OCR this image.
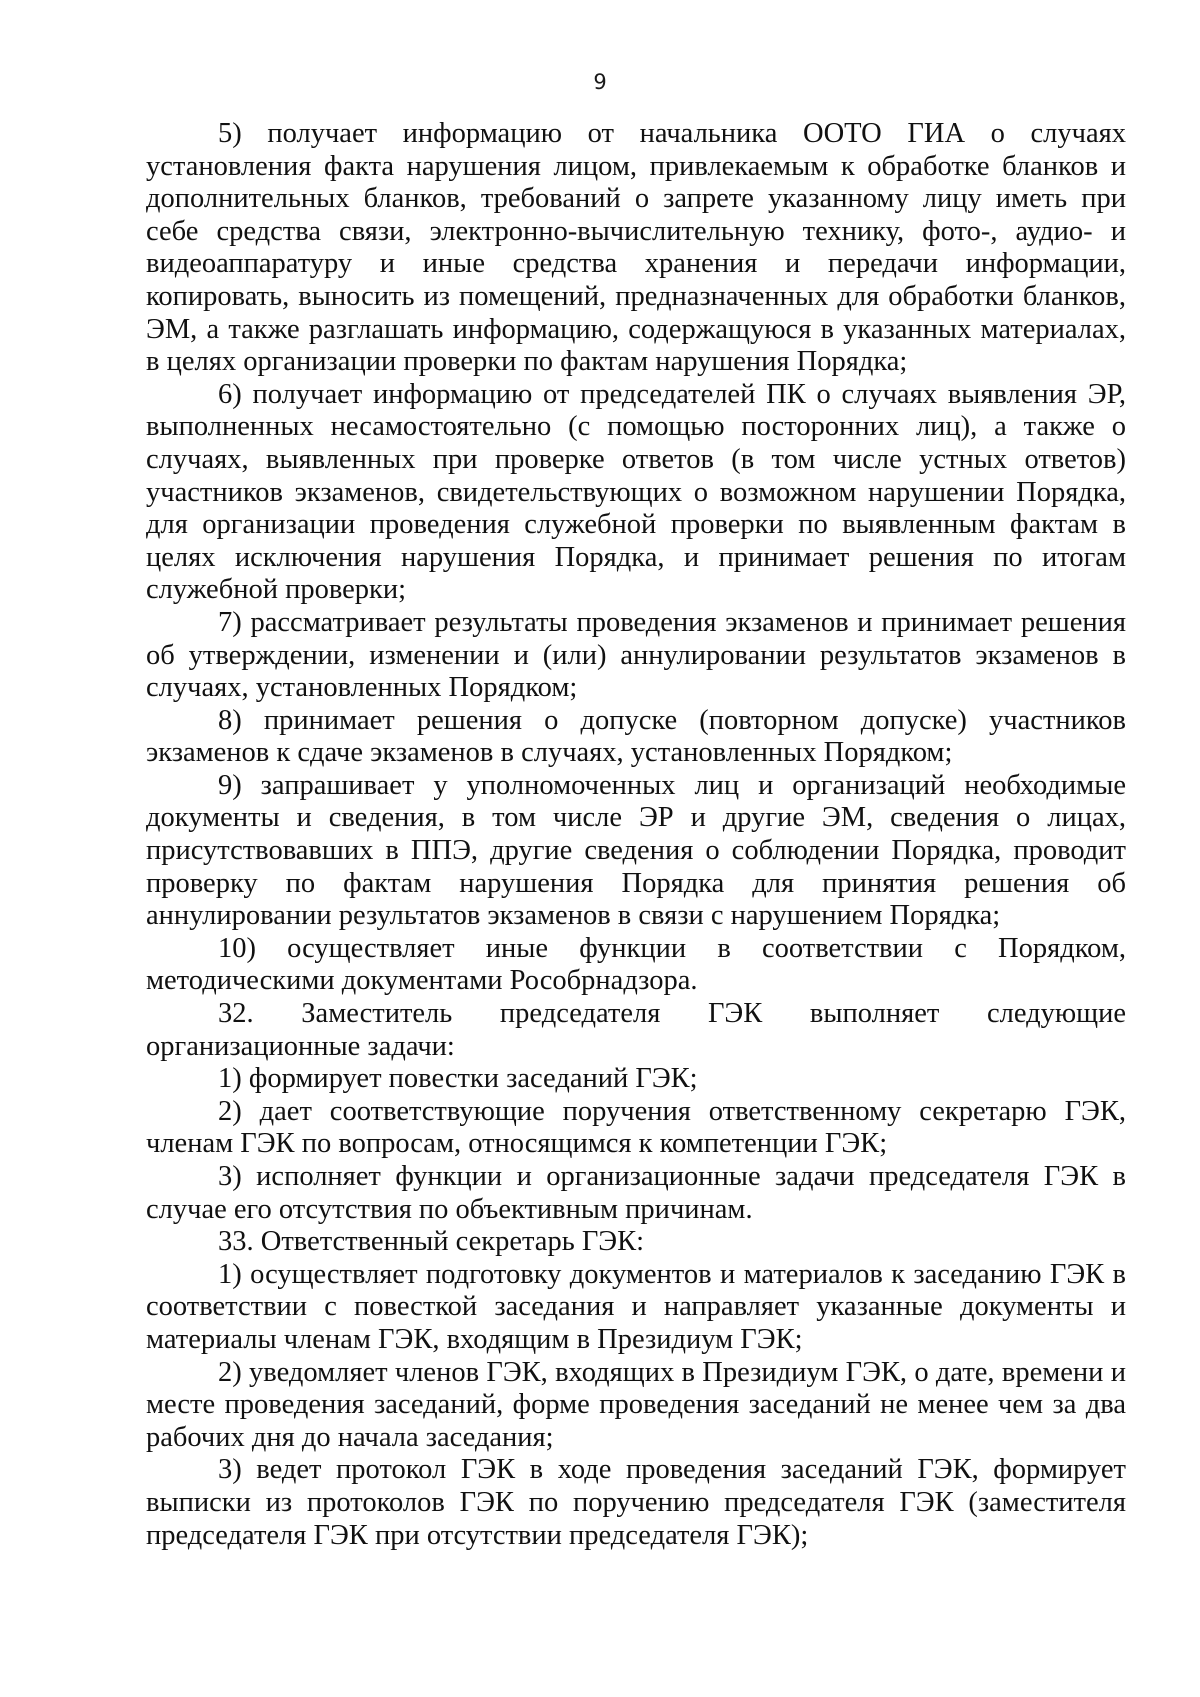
9

5) получает информацию от начальника ООТО ГИА о случаях установления факта нарушения лицом, привлекаемым к обработке бланков и дополнительных бланков, требований о запрете указанному лицу иметь при себе средства связи, электронно-вычислительную технику, фото-, аудио- и видеоаппаратуру и иные средства хранения и передачи информации, копировать, выносить из помещений, предназначенных для обработки бланков, ЭМ, а также разглашать информацию, содержащуюся в указанных материалах, в целях организации проверки по фактам нарушения Порядка;

6) получает информацию от председателей ПК о случаях выявления ЭР, выполненных несамостоятельно (с помощью посторонних лиц), а также о случаях, выявленных при проверке ответов (в том числе устных ответов) участников экзаменов, свидетельствующих о возможном нарушении Порядка, для организации проведения служебной проверки по выявленным фактам в целях исключения нарушения Порядка, и принимает решения по итогам служебной проверки;

7) рассматривает результаты проведения экзаменов и принимает решения об утверждении, изменении и (или) аннулировании результатов экзаменов в случаях, установленных Порядком;

8) принимает решения о допуске (повторном допуске) участников экзаменов к сдаче экзаменов в случаях, установленных Порядком;

9) запрашивает у уполномоченных лиц и организаций необходимые документы и сведения, в том числе ЭР и другие ЭМ, сведения о лицах, присутствовавших в ППЭ, другие сведения о соблюдении Порядка, проводит проверку по фактам нарушения Порядка для принятия решения об аннулировании результатов экзаменов в связи с нарушением Порядка;

10) осуществляет иные функции в соответствии с Порядком, методическими документами Рособрнадзора.

32. Заместитель председателя ГЭК выполняет следующие организационные задачи:

1) формирует повестки заседаний ГЭК;

2) дает соответствующие поручения ответственному секретарю ГЭК, членам ГЭК по вопросам, относящимся к компетенции ГЭК;

3) исполняет функции и организационные задачи председателя ГЭК в случае его отсутствия по объективным причинам.

33. Ответственный секретарь ГЭК:

1) осуществляет подготовку документов и материалов к заседанию ГЭК в соответствии с повесткой заседания и направляет указанные документы и материалы членам ГЭК, входящим в Президиум ГЭК;

2) уведомляет членов ГЭК, входящих в Президиум ГЭК, о дате, времени и месте проведения заседаний, форме проведения заседаний не менее чем за два рабочих дня до начала заседания;

3) ведет протокол ГЭК в ходе проведения заседаний ГЭК, формирует выписки из протоколов ГЭК по поручению председателя ГЭК (заместителя председателя ГЭК при отсутствии председателя ГЭК);
